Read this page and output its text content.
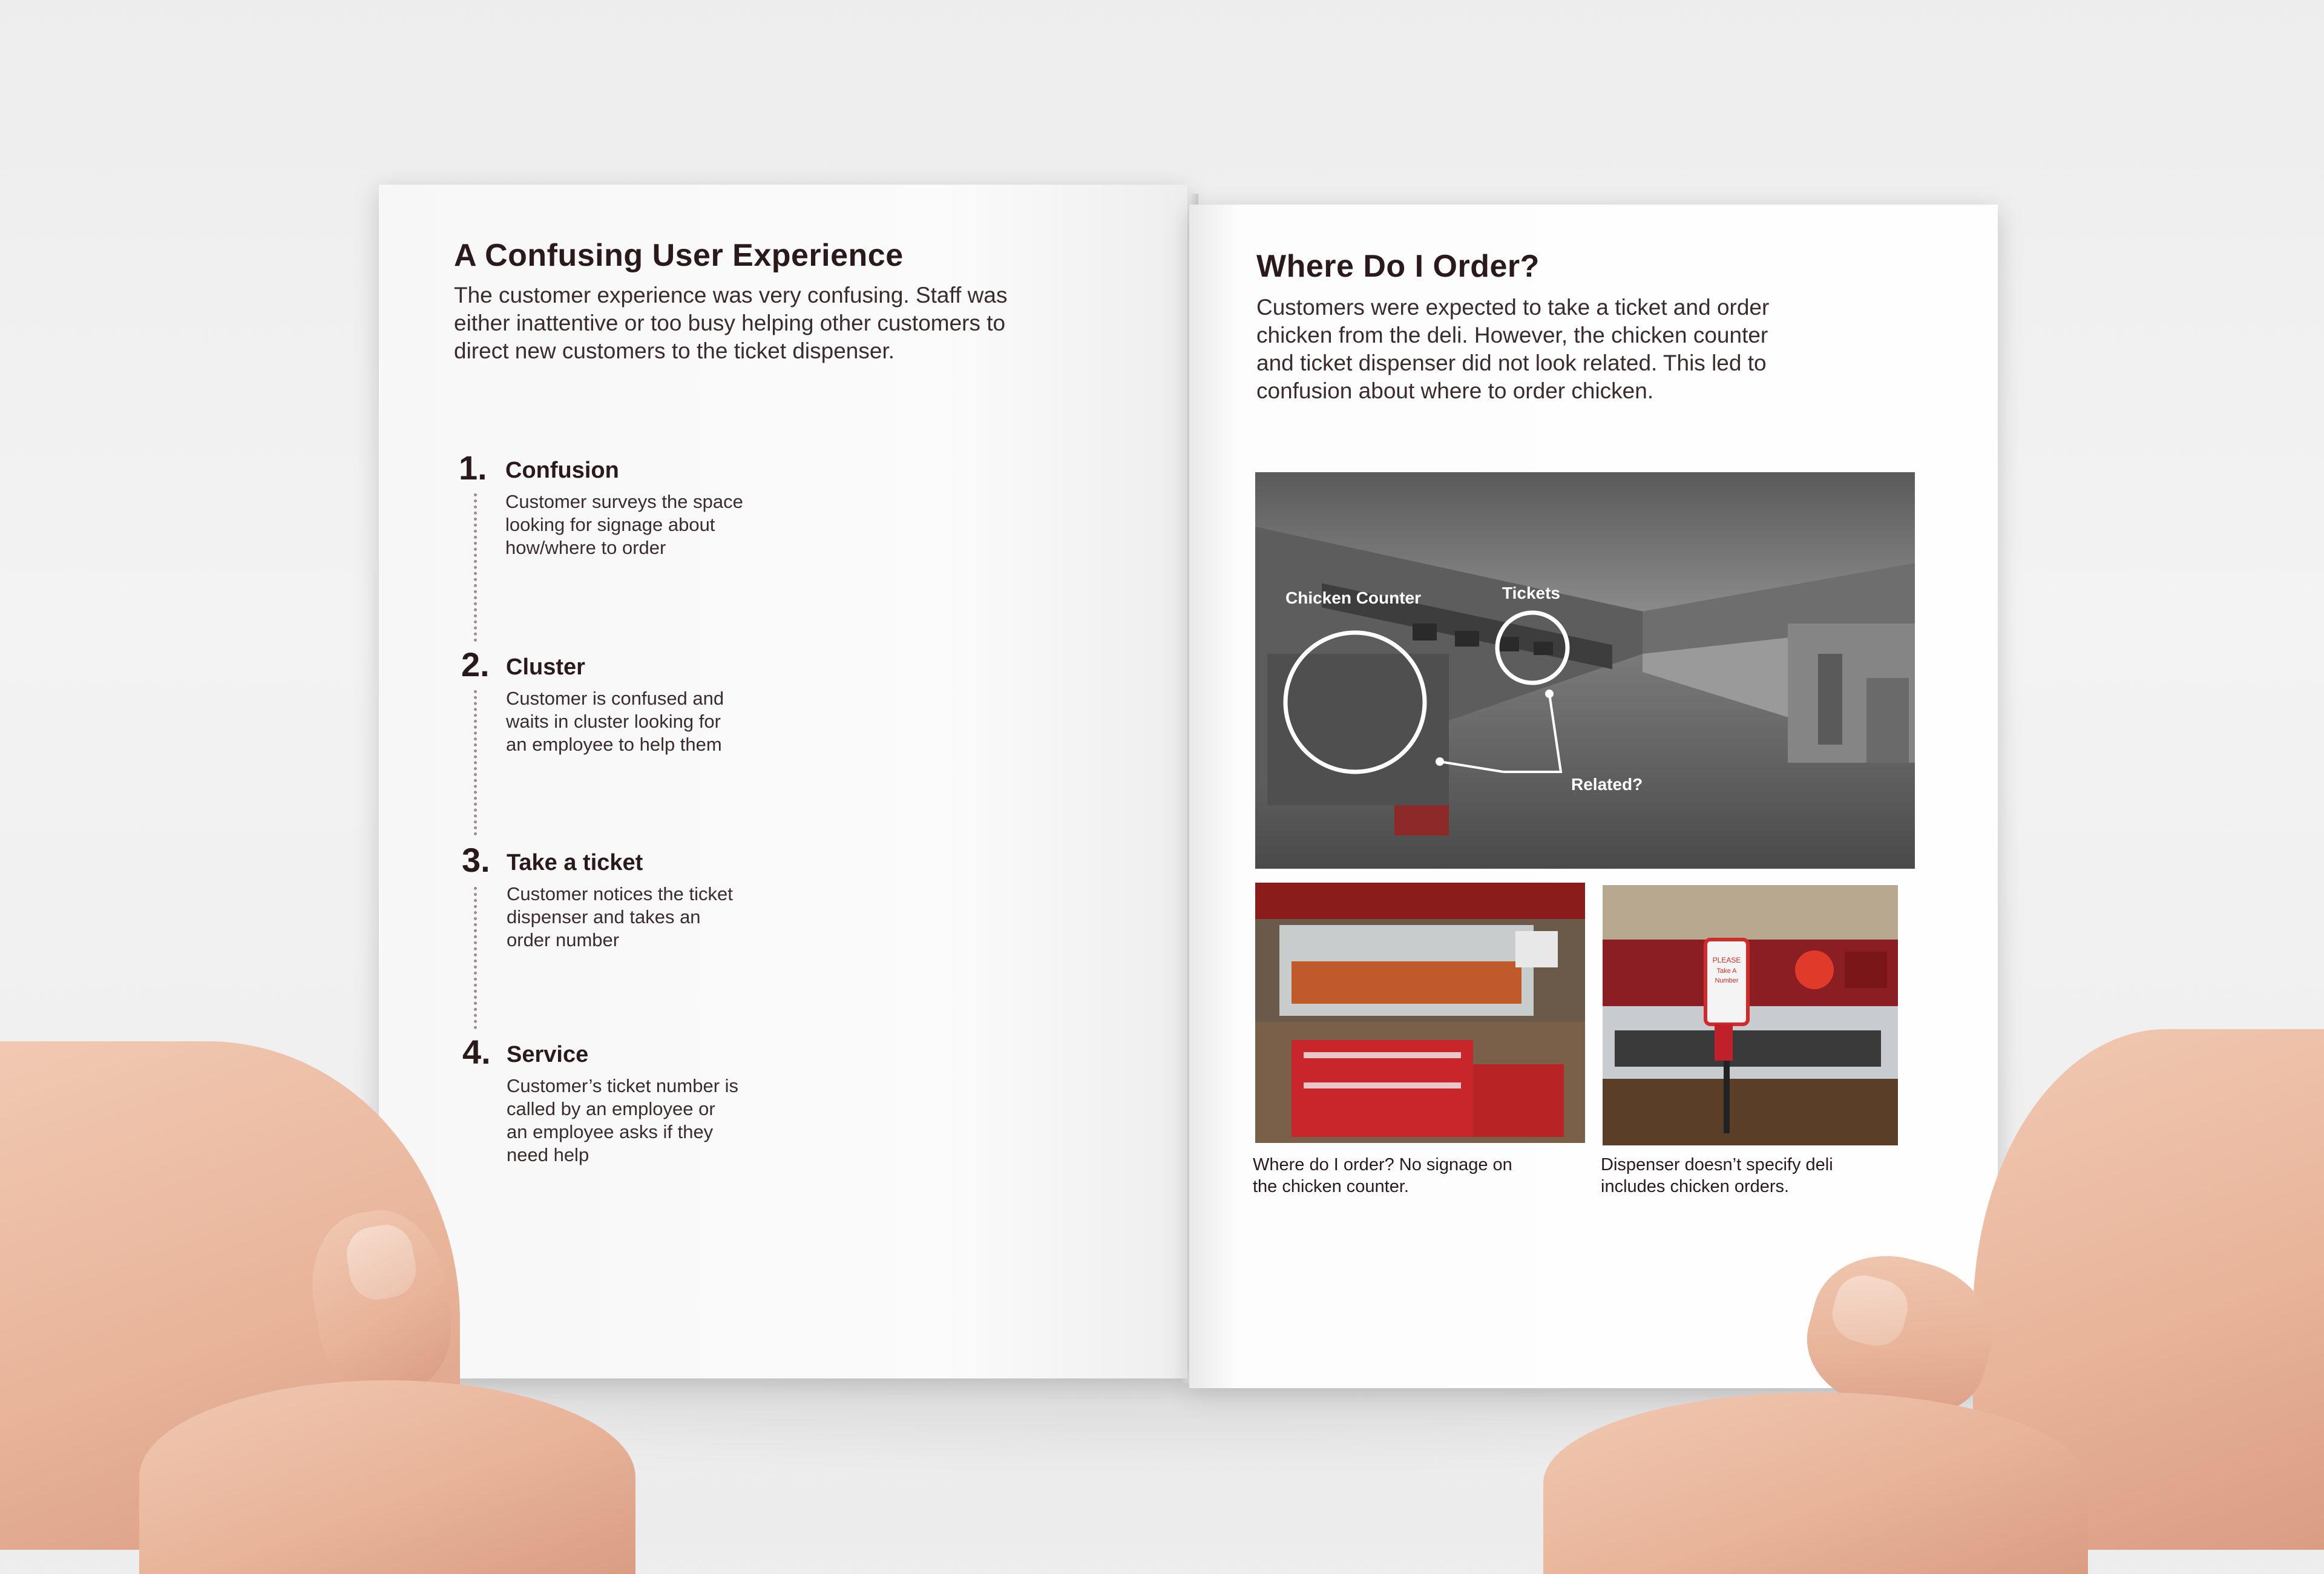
A Confusing User Experience
The customer experience was very confusing. Staff was
either inattentive or too busy helping other customers to
direct new customers to the ticket dispenser.
1. Confusion
Customer surveys the space
looking for signage about
how/where to order
2. Cluster
Customer is confused and
waits in cluster looking for
an employee to help them
3. Take a ticket
Customer notices the ticket
dispenser and takes an
order number
4. Service
Customer’s ticket number is
called by an employee or
an employee asks if they
need help
Where Do I Order?
Customers were expected to take a ticket and order
chicken from the deli. However, the chicken counter
and ticket dispenser did not look related. This led to
confusion about where to order chicken.
Chicken Counter	Tickets
Related?
Where do I order? No signage on
the chicken counter.
PLEASE
Take A
Number
Dispenser doesn’t specify deli
includes chicken orders.
